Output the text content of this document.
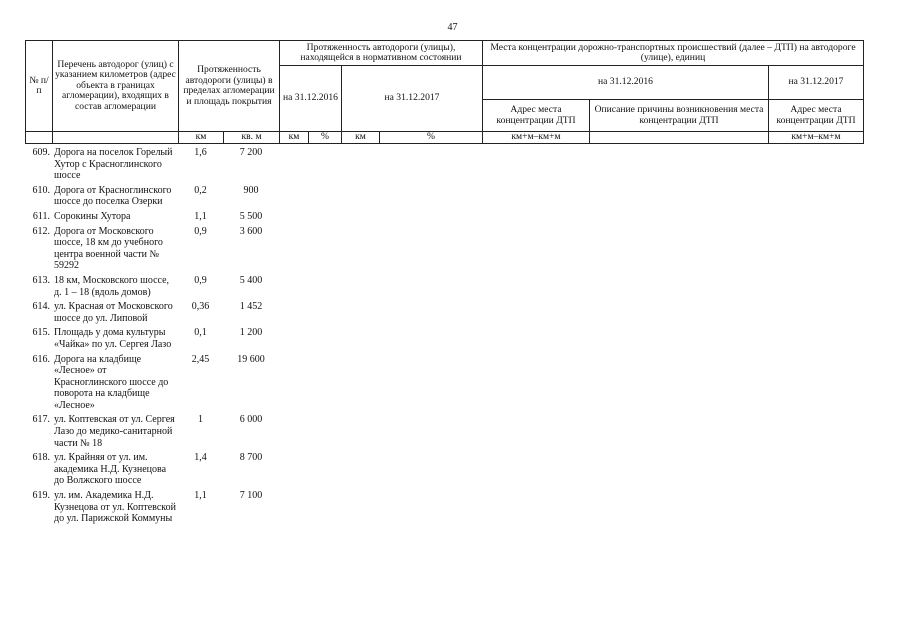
47
№ п/п	Перечень автодорог (улиц) с указанием километров (адрес объекта в границах агломерации), входящих в состав агломерации	Протяженность автодороги (улицы) в пределах агломерации и площадь покрытия		Протяженность автодороги (улицы), находящейся в нормативном состоянии				Места концентрации дорожно-транспортных происшествий (далее – ДТП) на автодороге (улице), единиц		
				на 31.12.2016		на 31.12.2017		на 31.12.2016		на 31.12.2017
								Адрес места концентрации ДТП	Описание причины возникновения места концентрации ДТП	Адрес места концентрации ДТП
		км	кв. м	км	%	км	%	км+м–км+м		км+м–км+м
609.	Дорога на поселок Горелый Хутор с Красноглинского шоссе	1,6	7 200
610.	Дорога от Красноглинского шоссе до поселка Озерки	0,2	900
611.	Сорокины Хутора	1,1	5 500
612.	Дорога от Московского шоссе, 18 км до учебного центра военной части № 59292	0,9	3 600
613.	18 км, Московского шоссе, д. 1 – 18 (вдоль домов)	0,9	5 400
614.	ул. Красная от Московского шоссе до ул. Липовой	0,36	1 452
615.	Площадь у дома культуры «Чайка» по ул. Сергея Лазо	0,1	1 200
616.	Дорога на кладбище «Лесное» от Красноглинского шоссе до поворота на кладбище «Лесное»	2,45	19 600
617.	ул. Коптевская от ул. Сергея Лазо до медико-санитарной части № 18	1	6 000
618.	ул. Крайняя от ул. им. академика Н.Д. Кузнецова до Волжского шоссе	1,4	8 700
619.	ул. им. Академика Н.Д. Кузнецова от ул. Коптевской до ул. Парижской Коммуны	1,1	7 100
